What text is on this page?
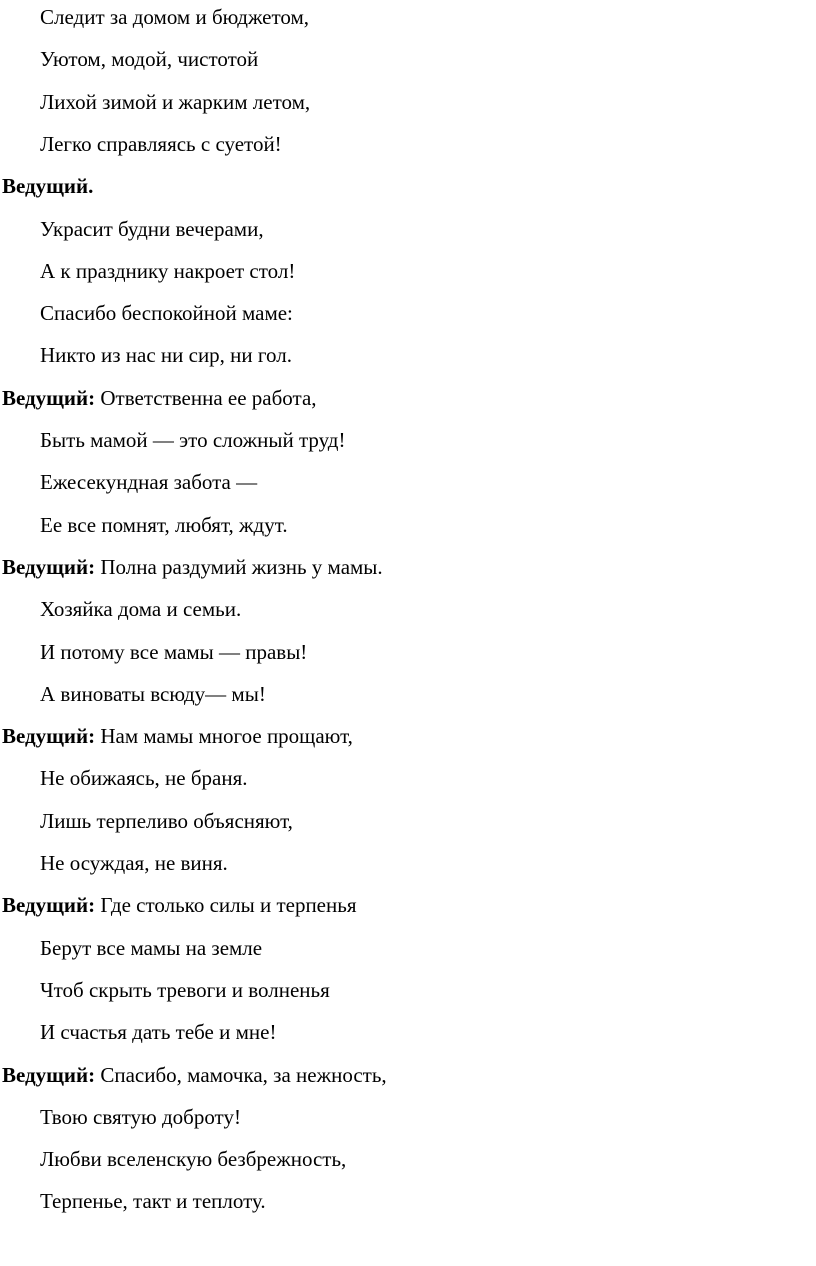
Следит за домом и бюджетом,
Уютом, модой, чистотой
Лихой зимой и жарким летом,
Легко справляясь с суетой!
Ведущий.
Украсит будни вечерами,
А к празднику накроет стол!
Спасибо беспокойной маме:
Никто из нас ни сир, ни гол.
Ведущий: Ответственна ее работа,
Быть мамой — это сложный труд!
Ежесекундная забота —
Ее все помнят, любят, ждут.
Ведущий: Полна раздумий жизнь у мамы.
Хозяйка дома и семьи.
И потому все мамы — правы!
А виноваты всюду— мы!
Ведущий: Нам мамы многое прощают,
Не обижаясь, не браня.
Лишь терпеливо объясняют,
Не осуждая, не виня.
Ведущий: Где столько силы и терпенья
Берут все мамы на земле
Чтоб скрыть тревоги и волненья
И счастья дать тебе и мне!
Ведущий: Спасибо, мамочка, за нежность,
Твою святую доброту!
Любви вселенскую безбрежность,
Терпенье, такт и теплоту.
